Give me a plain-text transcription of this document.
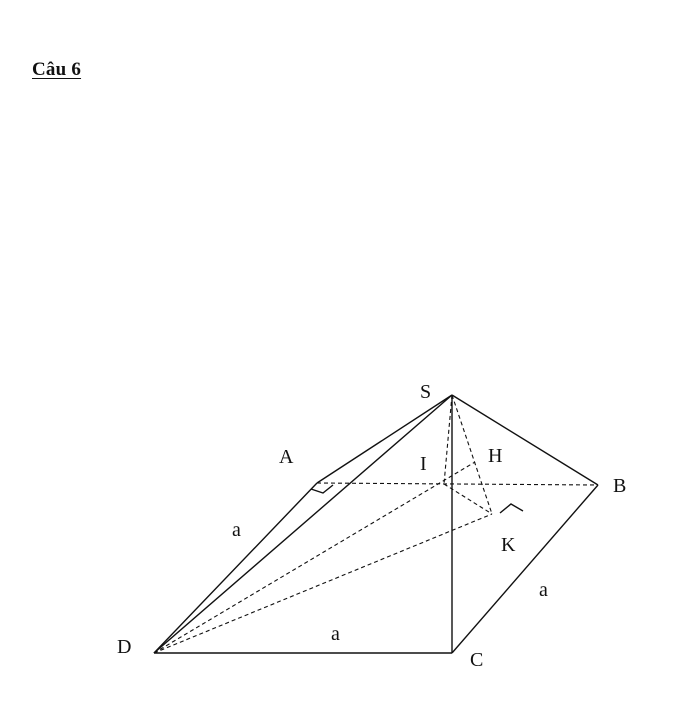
Câu 6
S
A	I	H
B
K
D
C
a
a
a
